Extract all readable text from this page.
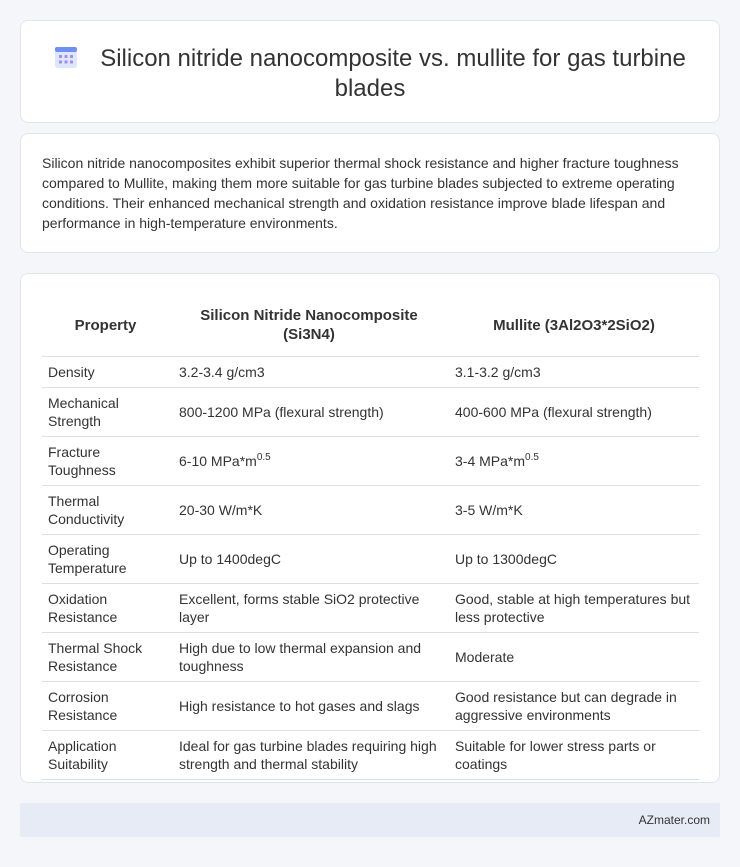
Silicon nitride nanocomposite vs. mullite for gas turbine blades

Silicon nitride nanocomposites exhibit superior thermal shock resistance and higher fracture toughness compared to Mullite, making them more suitable for gas turbine blades subjected to extreme operating conditions. Their enhanced mechanical strength and oxidation resistance improve blade lifespan and performance in high-temperature environments.

Property	Silicon Nitride Nanocomposite (Si3N4)	Mullite (3Al2O3*2SiO2)
Density	3.2-3.4 g/cm3	3.1-3.2 g/cm3
Mechanical Strength	800-1200 MPa (flexural strength)	400-600 MPa (flexural strength)
Fracture Toughness	6-10 $MPa*m^{0.5}$	3-4 $MPa*m^{0.5}$
Thermal Conductivity	20-30 W/m*K	3-5 W/m*K
Operating Temperature	Up to 1400degC	Up to 1300degC
Oxidation Resistance	Excellent, forms stable SiO2 protective layer	Good, stable at high temperatures but less protective
Thermal Shock Resistance	High due to low thermal expansion and toughness	Moderate
Corrosion Resistance	High resistance to hot gases and slags	Good resistance but can degrade in aggressive environments
Application Suitability	Ideal for gas turbine blades requiring high strength and thermal stability	Suitable for lower stress parts or coatings
AZmater.com
